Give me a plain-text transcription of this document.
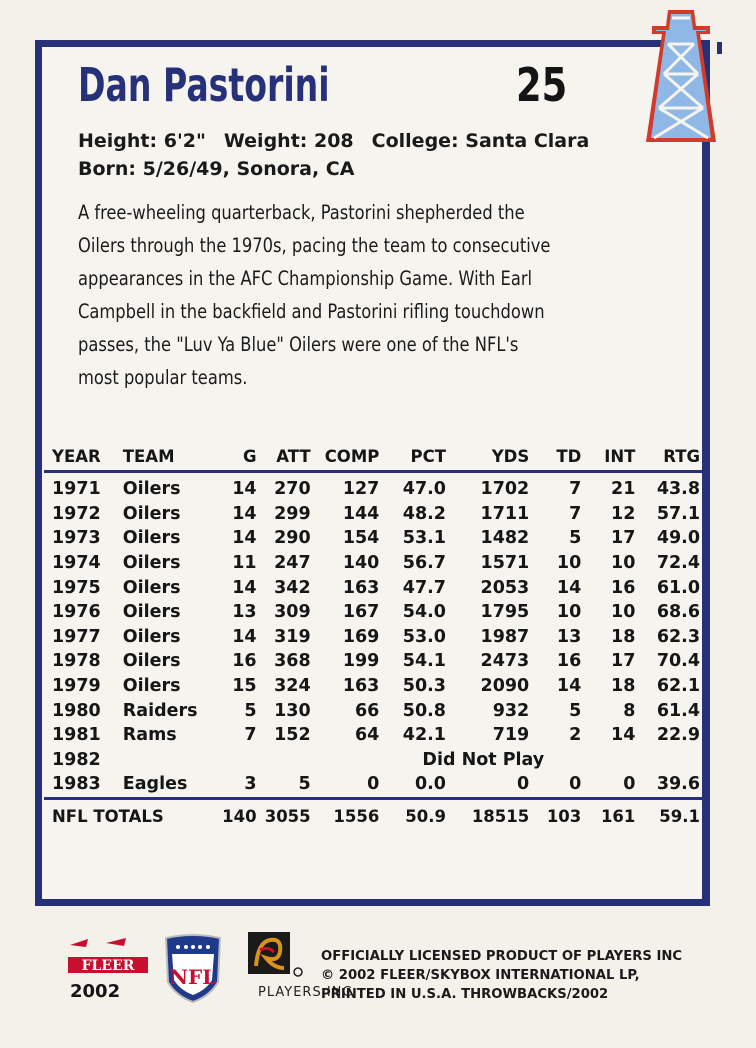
Dan Pastorini	25
Height: 6'2" Weight: 208 College: Santa Clara
Born: 5/26/49, Sonora, CA
A free-wheeling quarterback, Pastorini shepherded the
Oilers through the 1970s, pacing the team to consecutive
appearances in the AFC Championship Game. With Earl
Campbell in the backfield and Pastorini rifling touchdown
passes, the "Luv Ya Blue" Oilers were one of the NFL's
most popular teams.
YEAR	TEAM	G	ATT	COMP	PCT	YDS	TD	INT	RTG
1971	Oilers	14	270	127	47.0	1702	7	21	43.8
1972	Oilers	14	299	144	48.2	1711	7	12	57.1
1973	Oilers	14	290	154	53.1	1482	5	17	49.0
1974	Oilers	11	247	140	56.7	1571	10	10	72.4
1975	Oilers	14	342	163	47.7	2053	14	16	61.0
1976	Oilers	13	309	167	54.0	1795	10	10	68.6
1977	Oilers	14	319	169	53.0	1987	13	18	62.3
1978	Oilers	16	368	199	54.1	2473	16	17	70.4
1979	Oilers	15	324	163	50.3	2090	14	18	62.1
1980	Raiders	5	130	66	50.8	932	5	8	61.4
1981	Rams	7	152	64	42.1	719	2	14	22.9
1982					Did Not Play				
1983	Eagles	3	5	0	0.0	0	0	0	39.6
NFL TOTALS		140	3055	1556	50.9	18515	103	161	59.1
FLEER
2002
NFL
PLAYERS INC
OFFICIALLY LICENSED PRODUCT OF PLAYERS INC
© 2002 FLEER/SKYBOX INTERNATIONAL LP,
PRINTED IN U.S.A. THROWBACKS/2002
